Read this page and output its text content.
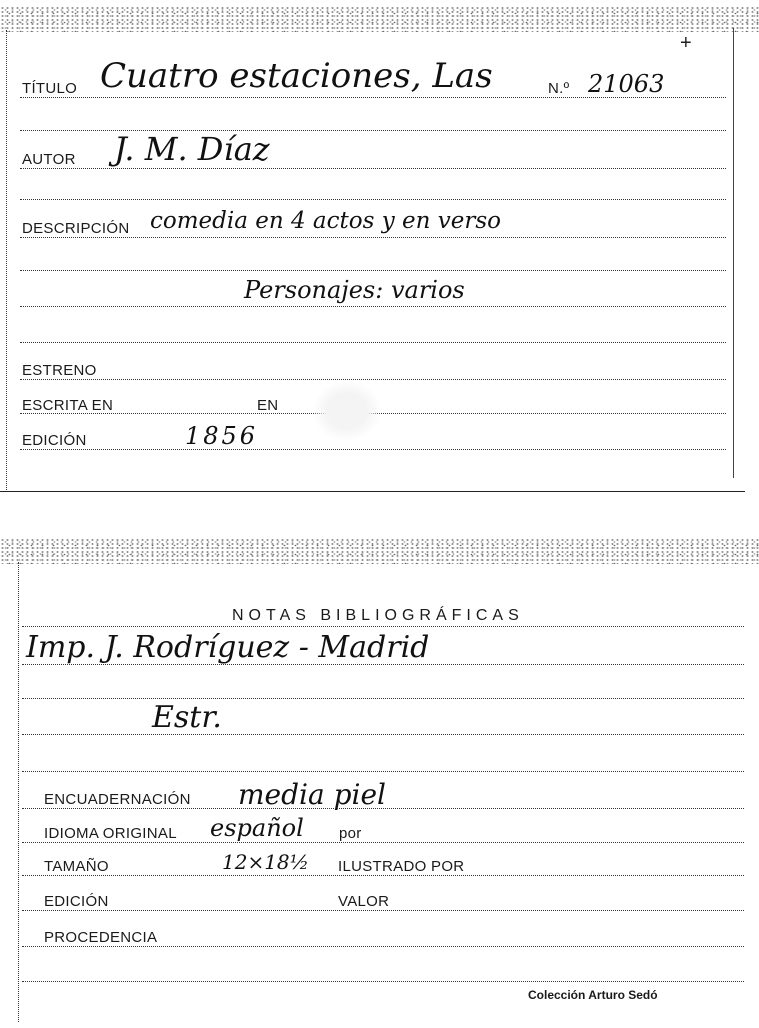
+
TÍTULO Cuatro estaciones, Las	N.º 21063
AUTOR J. M. Díaz
DESCRIPCIÓN comedia en 4 actos y en verso
Personajes: varios
ESTRENO
ESCRITA EN	EN
EDICIÓN	1856
NOTAS BIBLIOGRÁFICAS
Imp. J. Rodríguez - Madrid
Estr.
ENCUADERNACIÓN media piel
IDIOMA ORIGINAL español por
TAMAÑO	12×18½ ILUSTRADO POR
EDICIÓN	VALOR
PROCEDENCIA
Colección Arturo Sedó
